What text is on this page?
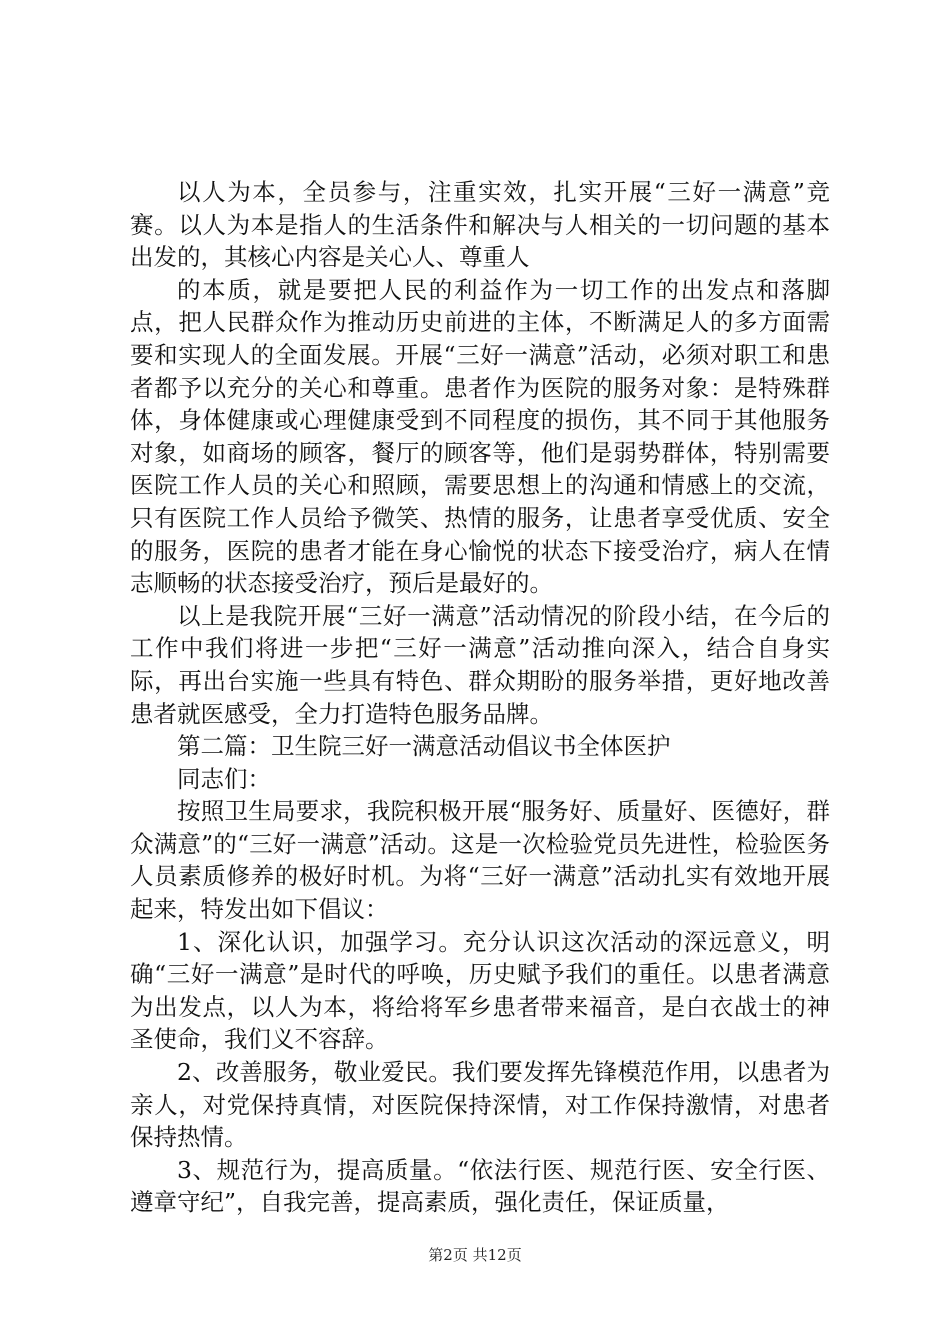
以人为本，全员参与，注重实效，扎实开展“三好一满意”竞赛。以人为本是指人的生活条件和解决与人相关的一切问题的基本出发的，其核心内容是关心人、尊重人

的本质，就是要把人民的利益作为一切工作的出发点和落脚点，把人民群众作为推动历史前进的主体，不断满足人的多方面需要和实现人的全面发展。开展“三好一满意”活动，必须对职工和患者都予以充分的关心和尊重。患者作为医院的服务对象：是特殊群体，身体健康或心理健康受到不同程度的损伤，其不同于其他服务对象，如商场的顾客，餐厅的顾客等，他们是弱势群体，特别需要医院工作人员的关心和照顾，需要思想上的沟通和情感上的交流，只有医院工作人员给予微笑、热情的服务，让患者享受优质、安全的服务，医院的患者才能在身心愉悦的状态下接受治疗，病人在情志顺畅的状态接受治疗，预后是最好的。

以上是我院开展“三好一满意”活动情况的阶段小结，在今后的工作中我们将进一步把“三好一满意”活动推向深入，结合自身实际，再出台实施一些具有特色、群众期盼的服务举措，更好地改善患者就医感受，全力打造特色服务品牌。

第二篇：卫生院三好一满意活动倡议书全体医护

同志们：

按照卫生局要求，我院积极开展“服务好、质量好、医德好，群众满意”的“三好一满意”活动。这是一次检验党员先进性，检验医务人员素质修养的极好时机。为将“三好一满意”活动扎实有效地开展起来，特发出如下倡议：

1、深化认识，加强学习。充分认识这次活动的深远意义，明确“三好一满意”是时代的呼唤，历史赋予我们的重任。以患者满意为出发点，以人为本，将给将军乡患者带来福音，是白衣战士的神圣使命，我们义不容辞。

2、改善服务，敬业爱民。我们要发挥先锋模范作用，以患者为亲人，对党保持真情，对医院保持深情，对工作保持激情，对患者保持热情。

3、规范行为，提高质量。“依法行医、规范行医、安全行医、遵章守纪”，自我完善，提高素质，强化责任，保证质量，

第2页 共12页
